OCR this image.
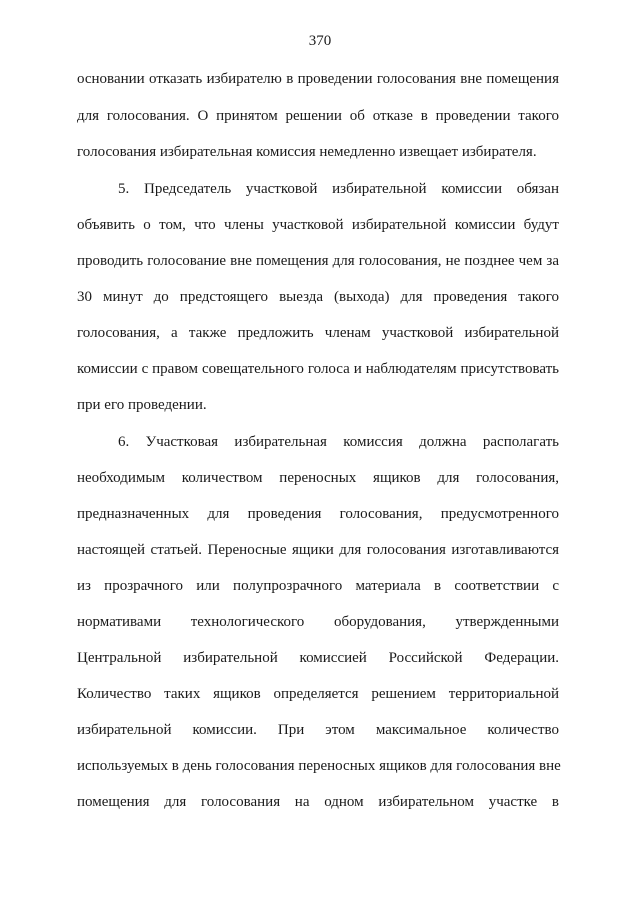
370
основании отказать избирателю в проведении голосования вне помещения
для голосования. О принятом решении об отказе в проведении такого
голосования избирательная комиссия немедленно извещает избирателя.
5. Председатель участковой избирательной комиссии обязан
объявить о том, что члены участковой избирательной комиссии будут
проводить голосование вне помещения для голосования, не позднее чем за
30 минут до предстоящего выезда (выхода) для проведения такого
голосования, а также предложить членам участковой избирательной
комиссии с правом совещательного голоса и наблюдателям присутствовать
при его проведении.
6. Участковая избирательная комиссия должна располагать
необходимым количеством переносных ящиков для голосования,
предназначенных для проведения голосования, предусмотренного
настоящей статьей. Переносные ящики для голосования изготавливаются
из прозрачного или полупрозрачного материала в соответствии с
нормативами технологического оборудования, утвержденными
Центральной избирательной комиссией Российской Федерации.
Количество таких ящиков определяется решением территориальной
избирательной комиссии. При этом максимальное количество
используемых в день голосования переносных ящиков для голосования вне
помещения для голосования на одном избирательном участке в
